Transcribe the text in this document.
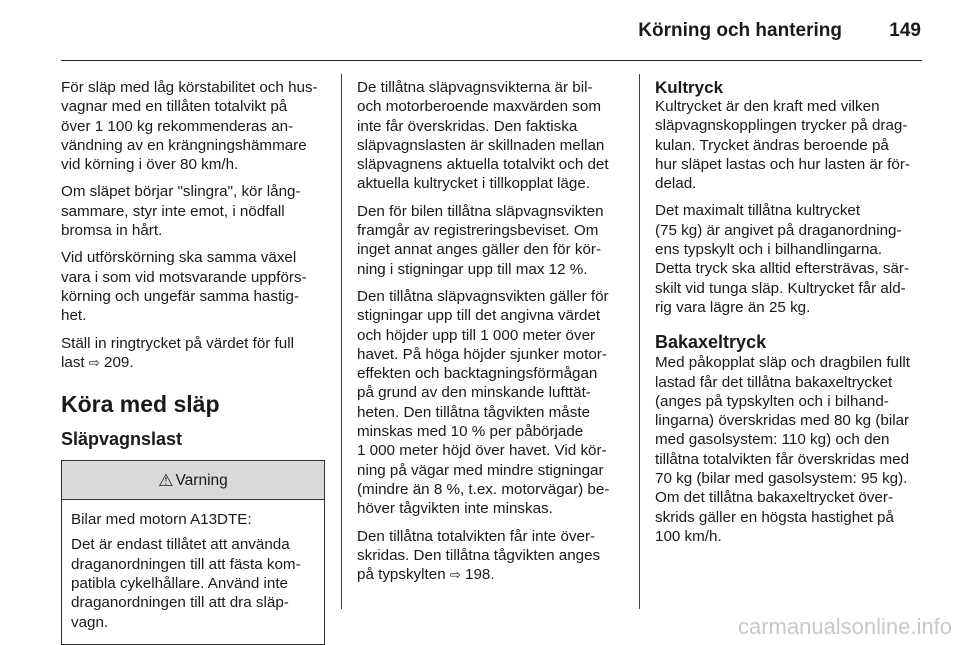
Körning och hantering 149

För släp med låg körstabilitet och hus-
vagnar med en tillåten totalvikt på
över 1 100 kg rekommenderas an-
vändning av en krängningshämmare
vid körning i över 80 km/h.

Om släpet börjar "slingra", kör lång-
sammare, styr inte emot, i nödfall
bromsa in hårt.

Vid utförskörning ska samma växel
vara i som vid motsvarande uppförs-
körning och ungefär samma hastig-
het.

Ställ in ringtrycket på värdet för full
last ⇨ 209.

Köra med släp
Släpvagnslast
⚠ Varning

Bilar med motorn A13DTE:

Det är endast tillåtet att använda
draganordningen till att fästa kom-
patibla cykelhållare. Använd inte
draganordningen till att dra släp-
vagn.

De tillåtna släpvagnsvikterna är bil-
och motorberoende maxvärden som
inte får överskridas. Den faktiska
släpvagnslasten är skillnaden mellan
släpvagnens aktuella totalvikt och det
aktuella kultrycket i tillkopplat läge.

Den för bilen tillåtna släpvagnsvikten
framgår av registreringsbeviset. Om
inget annat anges gäller den för kör-
ning i stigningar upp till max 12 %.

Den tillåtna släpvagnsvikten gäller för
stigningar upp till det angivna värdet
och höjder upp till 1 000 meter över
havet. På höga höjder sjunker motor-
effekten och backtagningsförmågan
på grund av den minskande lufttät-
heten. Den tillåtna tågvikten måste
minskas med 10 % per påbörjade
1 000 meter höjd över havet. Vid kör-
ning på vägar med mindre stigningar
(mindre än 8 %, t.ex. motorvägar) be-
höver tågvikten inte minskas.

Den tillåtna totalvikten får inte över-
skridas. Den tillåtna tågvikten anges
på typskylten ⇨ 198.

Kultryck

Kultrycket är den kraft med vilken
släpvagnskopplingen trycker på drag-
kulan. Trycket ändras beroende på
hur släpet lastas och hur lasten är för-
delad.

Det maximalt tillåtna kultrycket
(75 kg) är angivet på draganordning-
ens typskylt och i bilhandlingarna.
Detta tryck ska alltid eftersträvas, sär-
skilt vid tunga släp. Kultrycket får ald-
rig vara lägre än 25 kg.

Bakaxeltryck

Med påkopplat släp och dragbilen fullt
lastad får det tillåtna bakaxeltrycket
(anges på typskylten och i bilhand-
lingarna) överskridas med 80 kg (bilar
med gasolsystem: 110 kg) och den
tillåtna totalvikten får överskridas med
70 kg (bilar med gasolsystem: 95 kg).
Om det tillåtna bakaxeltrycket över-
skrids gäller en högsta hastighet på
100 km/h.

carmanualsonline.info
